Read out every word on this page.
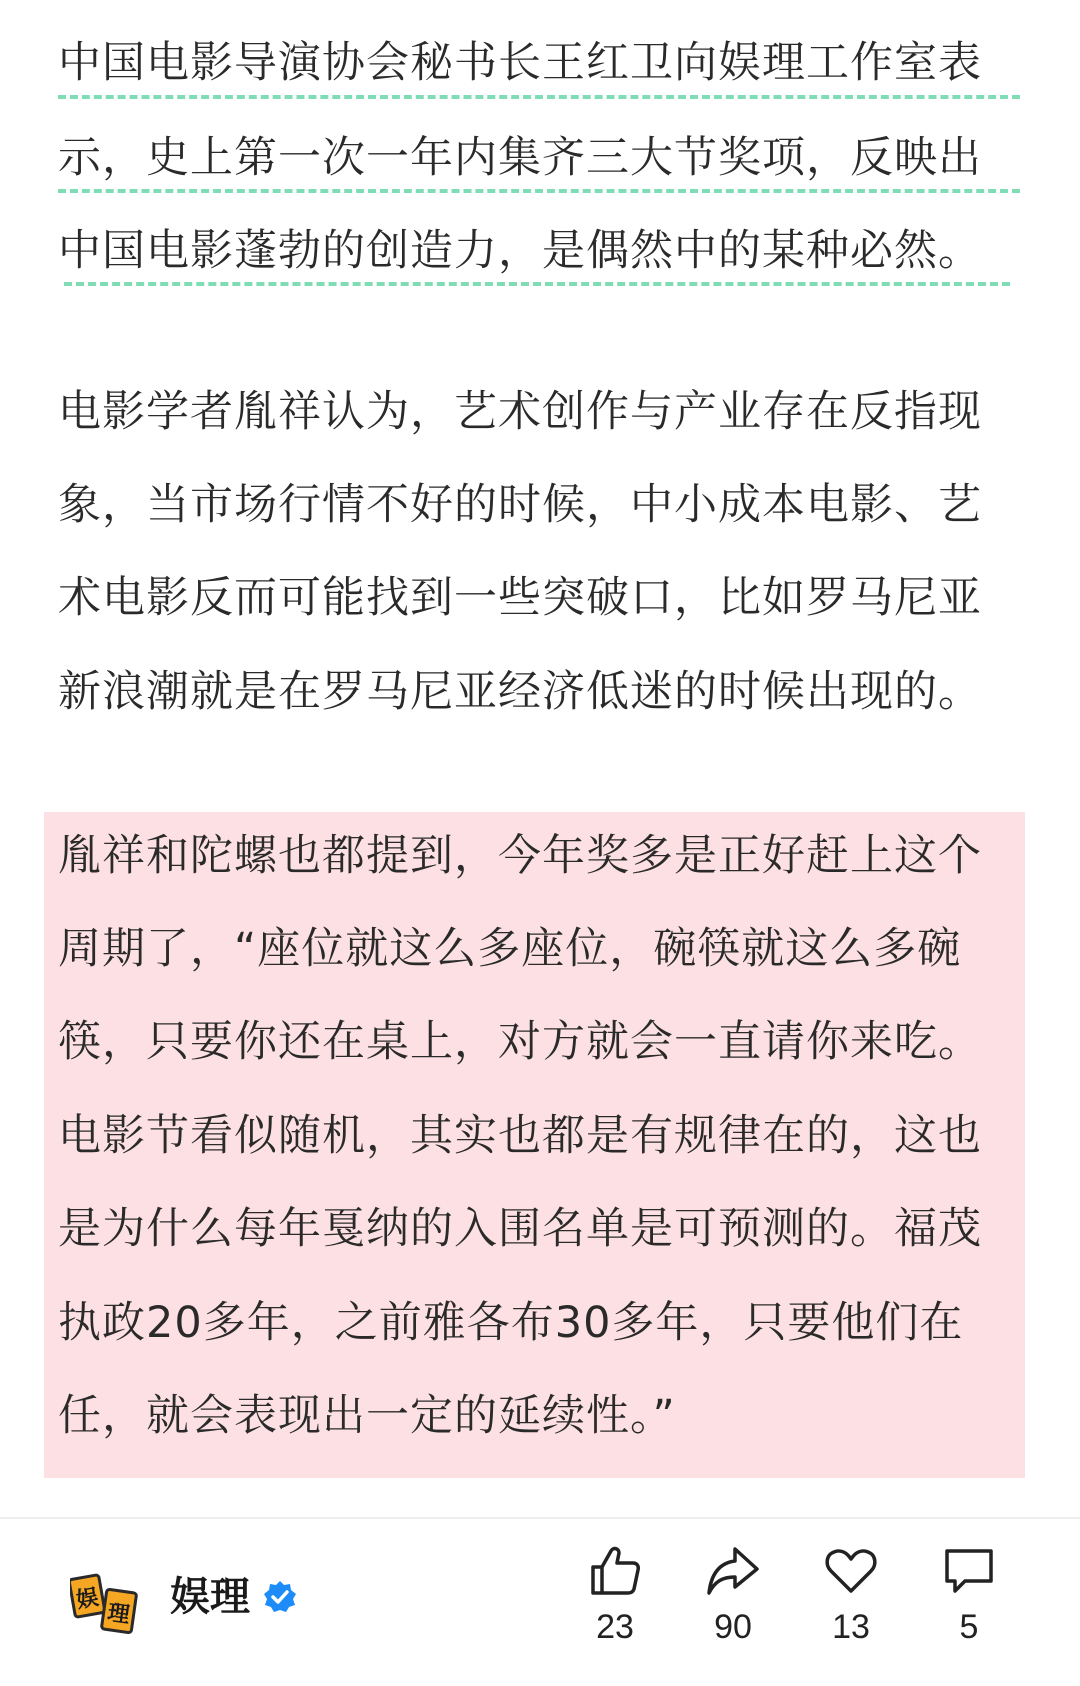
中国电影导演协会秘书长王红卫向娱理工作室表
示，史上第一次一年内集齐三大节奖项，反映出
中国电影蓬勃的创造力，是偶然中的某种必然。
电影学者胤祥认为，艺术创作与产业存在反指现
象，当市场行情不好的时候，中小成本电影、艺
术电影反而可能找到一些突破口，比如罗马尼亚
新浪潮就是在罗马尼亚经济低迷的时候出现的。
胤祥和陀螺也都提到，今年奖多是正好赶上这个
周期了，“座位就这么多座位，碗筷就这么多碗
筷，只要你还在桌上，对方就会一直请你来吃。
电影节看似随机，其实也都是有规律在的，这也
是为什么每年戛纳的入围名单是可预测的。福茂
执政20多年，之前雅各布30多年，只要他们在
任，就会表现出一定的延续性。”
娱
理 娱理
23	90	13	5
